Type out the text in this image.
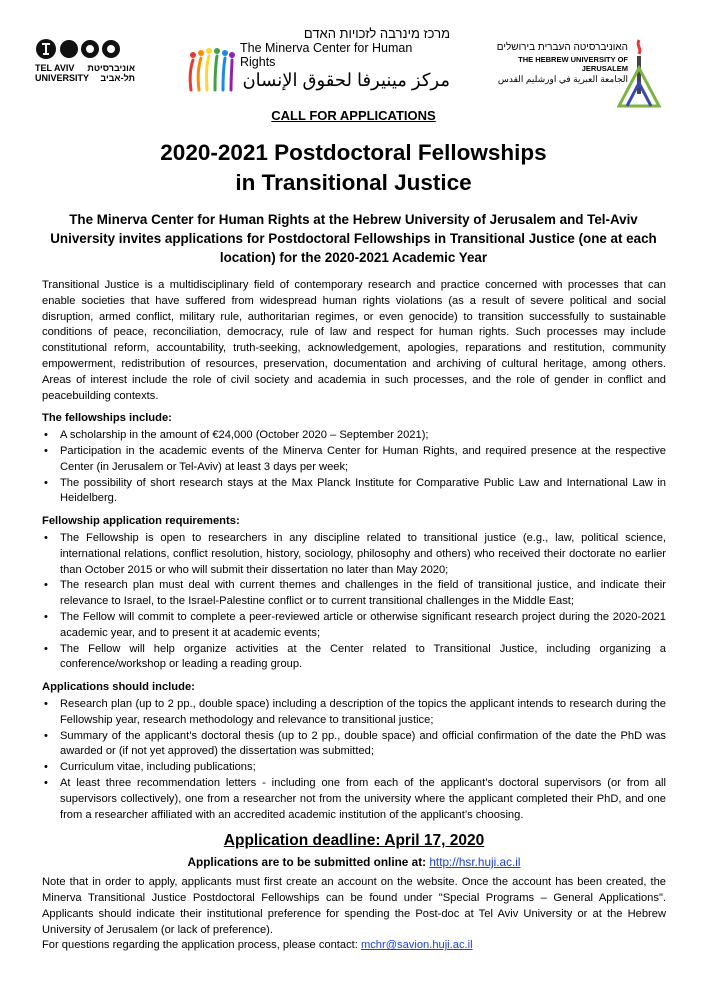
TEL AVIV UNIVERSITY
אוניברסיטת תל-אביב
מרכז מינרבה לזכויות האדם
The Minerva Center for Human Rights
مركز مينيرفا لحقوق الإنسان
האוניברסיטה העברית בירושלים
THE HEBREW UNIVERSITY OF JERUSALEM
الجامعة العبرية في اورشليم القدس
CALL FOR APPLICATIONS
2020-2021 Postdoctoral Fellowships
in Transitional Justice
The Minerva Center for Human Rights at the Hebrew University of Jerusalem and Tel-Aviv University invites applications for Postdoctoral Fellowships in Transitional Justice (one at each location) for the 2020-2021 Academic Year

Transitional Justice is a multidisciplinary field of contemporary research and practice concerned with processes that can enable societies that have suffered from widespread human rights violations (as a result of severe political and social disruption, armed conflict, military rule, authoritarian regimes, or even genocide) to transition successfully to sustainable conditions of peace, reconciliation, democracy, rule of law and respect for human rights. Such processes may include constitutional reform, accountability, truth-seeking, acknowledgement, apologies, reparations and restitution, community empowerment, redistribution of resources, preservation, documentation and archiving of cultural heritage, among others. Areas of interest include the role of civil society and academia in such processes, and the role of gender in conflict and peacebuilding contexts.

The fellowships include:
• A scholarship in the amount of €24,000 (October 2020 – September 2021);
• Participation in the academic events of the Minerva Center for Human Rights, and required presence at the respective Center (in Jerusalem or Tel-Aviv) at least 3 days per week;
• The possibility of short research stays at the Max Planck Institute for Comparative Public Law and International Law in Heidelberg.
Fellowship application requirements:
• The Fellowship is open to researchers in any discipline related to transitional justice (e.g., law, political science, international relations, conflict resolution, history, sociology, philosophy and others) who received their doctorate no earlier than October 2015 or who will submit their dissertation no later than May 2020;
• The research plan must deal with current themes and challenges in the field of transitional justice, and indicate their relevance to Israel, to the Israel-Palestine conflict or to current transitional challenges in the Middle East;
• The Fellow will commit to complete a peer-reviewed article or otherwise significant research project during the 2020-2021 academic year, and to present it at academic events;
• The Fellow will help organize activities at the Center related to Transitional Justice, including organizing a conference/workshop or leading a reading group.
Applications should include:
• Research plan (up to 2 pp., double space) including a description of the topics the applicant intends to research during the Fellowship year, research methodology and relevance to transitional justice;
• Summary of the applicant’s doctoral thesis (up to 2 pp., double space) and official confirmation of the date the PhD was awarded or (if not yet approved) the dissertation was submitted;
• Curriculum vitae, including publications;
• At least three recommendation letters - including one from each of the applicant’s doctoral supervisors (or from all supervisors collectively), one from a researcher not from the university where the applicant completed their PhD, and one from a researcher affiliated with an accredited academic institution of the applicant’s choosing.
Application deadline: April 17, 2020
Applications are to be submitted online at: http://hsr.huji.ac.il

Note that in order to apply, applicants must first create an account on the website. Once the account has been created, the Minerva Transitional Justice Postdoctoral Fellowships can be found under "Special Programs – General Applications". Applicants should indicate their institutional preference for spending the Post-doc at Tel Aviv University or at the Hebrew University of Jerusalem (or lack of preference).

For questions regarding the application process, please contact: mchr@savion.huji.ac.il
